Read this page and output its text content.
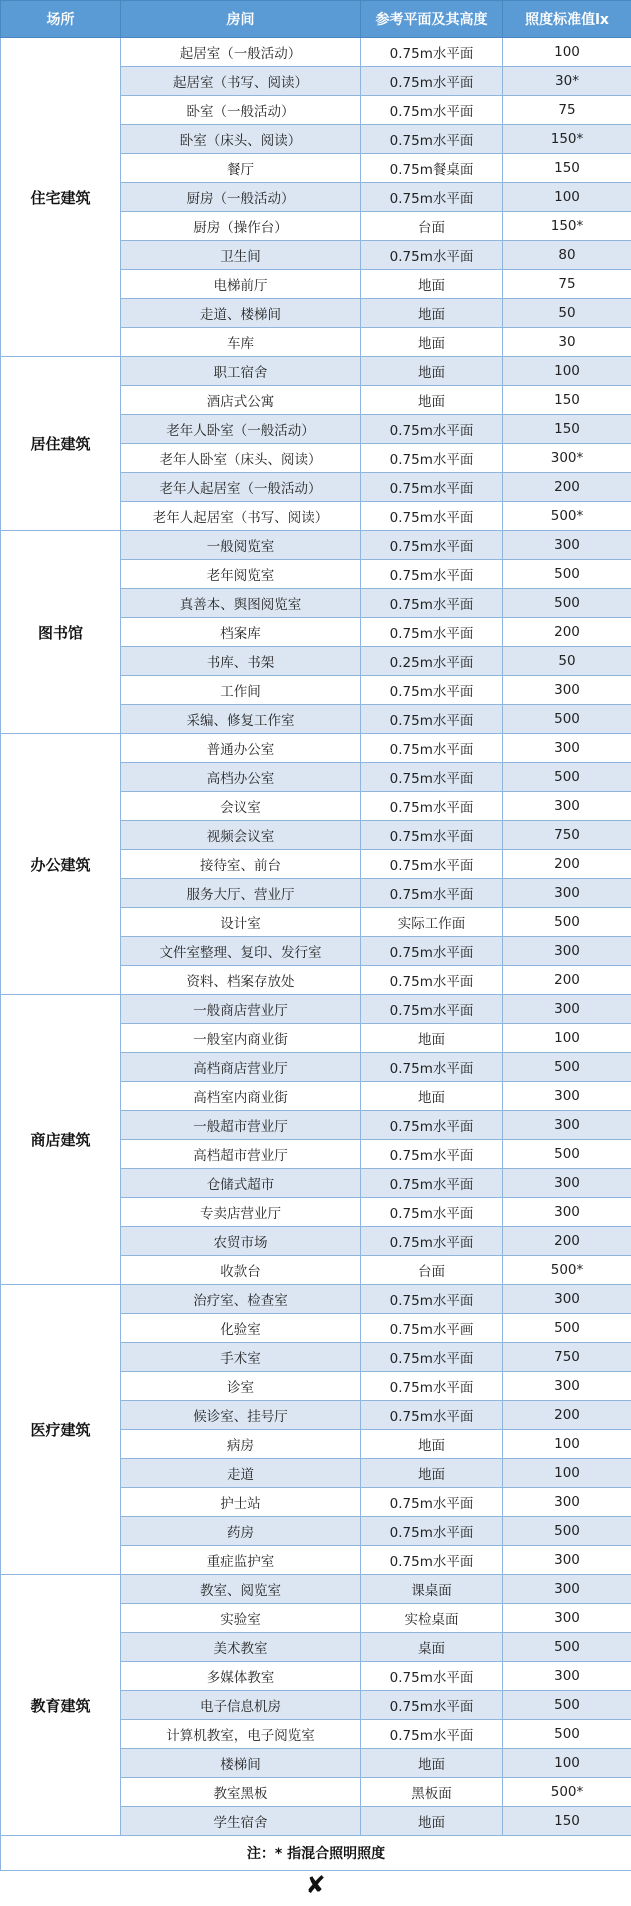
场所	房间	参考平面及其高度	照度标准值lx
住宅建筑	起居室（一般活动）	0.75m水平面	100
	起居室（书写、阅读）	0.75m水平面	30*
	卧室（一般活动）	0.75m水平面	75
	卧室（床头、阅读）	0.75m水平面	150*
	餐厅	0.75m餐桌面	150
	厨房（一般活动）	0.75m水平面	100
	厨房（操作台）	台面	150*
	卫生间	0.75m水平面	80
	电梯前厅	地面	75
	走道、楼梯间	地面	50
	车库	地面	30
居住建筑	职工宿舍	地面	100
	酒店式公寓	地面	150
	老年人卧室（一般活动）	0.75m水平面	150
	老年人卧室（床头、阅读）	0.75m水平面	300*
	老年人起居室（一般活动）	0.75m水平面	200
	老年人起居室（书写、阅读）	0.75m水平面	500*
图书馆	一般阅览室	0.75m水平面	300
	老年阅览室	0.75m水平面	500
	真善本、舆图阅览室	0.75m水平面	500
	档案库	0.75m水平面	200
	书库、书架	0.25m水平面	50
	工作间	0.75m水平面	300
	采编、修复工作室	0.75m水平面	500
办公建筑	普通办公室	0.75m水平面	300
	高档办公室	0.75m水平面	500
	会议室	0.75m水平面	300
	视频会议室	0.75m水平面	750
	接待室、前台	0.75m水平面	200
	服务大厅、营业厅	0.75m水平面	300
	设计室	实际工作面	500
	文件室整理、复印、发行室	0.75m水平面	300
	资料、档案存放处	0.75m水平面	200
商店建筑	一般商店营业厅	0.75m水平面	300
	一般室内商业街	地面	100
	高档商店营业厅	0.75m水平面	500
	高档室内商业街	地面	300
	一般超市营业厅	0.75m水平面	300
	高档超市营业厅	0.75m水平面	500
	仓储式超市	0.75m水平面	300
	专卖店营业厅	0.75m水平面	300
	农贸市场	0.75m水平面	200
	收款台	台面	500*
医疗建筑	治疗室、检查室	0.75m水平面	300
	化验室	0.75m水平画	500
	手术室	0.75m水平面	750
	诊室	0.75m水平面	300
	候诊室、挂号厅	0.75m水平面	200
	病房	地面	100
	走道	地面	100
	护士站	0.75m水平面	300
	药房	0.75m水平面	500
	重症监护室	0.75m水平面	300
教育建筑	教室、阅览室	课桌面	300
	实验室	实检桌面	300
	美术教室	桌面	500
	多媒体教室	0.75m水平面	300
	电子信息机房	0.75m水平面	500
	计算机教室，电子阅览室	0.75m水平面	500
	楼梯间	地面	100
	教室黑板	黑板面	500*
	学生宿舍	地面	150
注：* 指混合照明照度			
✘
